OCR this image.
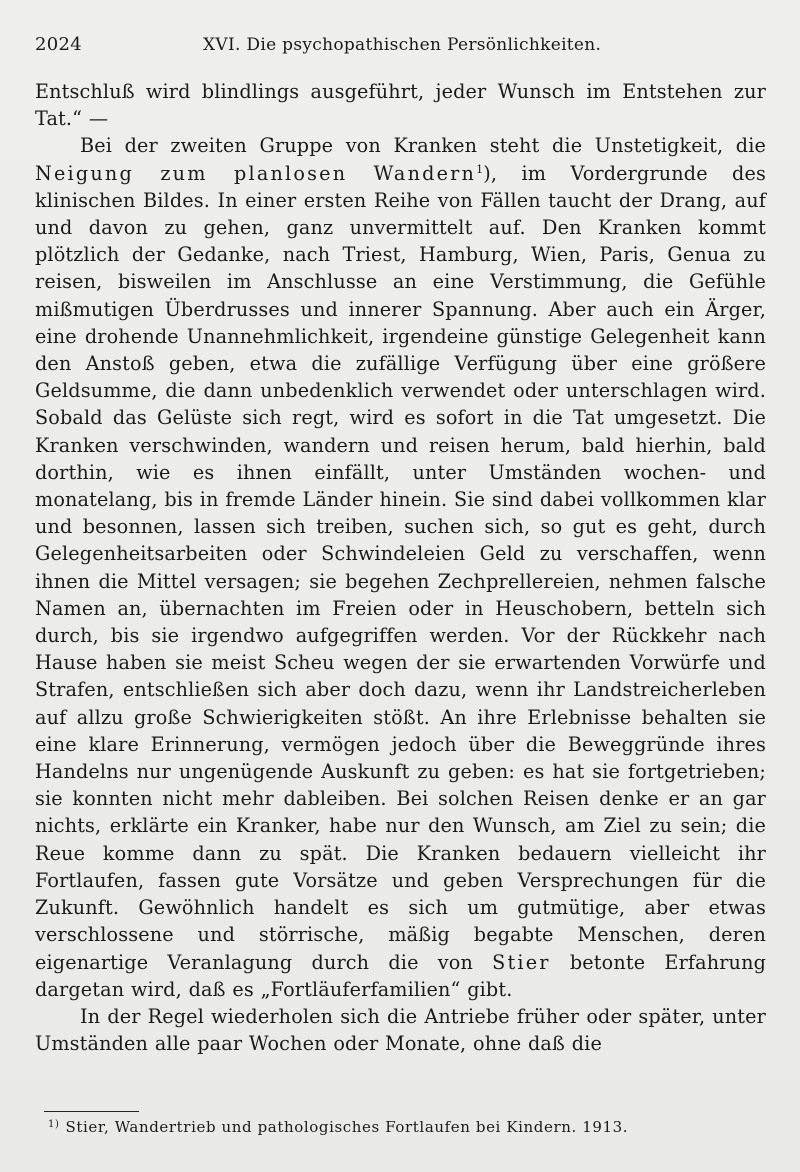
2024	XVI. Die psychopathischen Persönlichkeiten.

Entschluß wird blindlings ausgeführt, jeder Wunsch im Entstehen zur Tat.“ —

Bei der zweiten Gruppe von Kranken steht die Unstetigkeit, die Neigung zum planlosen Wandern$^1$), im Vordergrunde des klinischen Bildes. In einer ersten Reihe von Fällen taucht der Drang, auf und davon zu gehen, ganz unvermittelt auf. Den Kranken kommt plötzlich der Gedanke, nach Triest, Hamburg, Wien, Paris, Genua zu reisen, bisweilen im Anschlusse an eine Verstimmung, die Gefühle mißmutigen Überdrusses und innerer Spannung. Aber auch ein Ärger, eine drohende Unannehmlichkeit, irgendeine günstige Gelegenheit kann den Anstoß geben, etwa die zufällige Verfügung über eine größere Geldsumme, die dann unbedenklich verwendet oder unterschlagen wird. Sobald das Gelüste sich regt, wird es sofort in die Tat umgesetzt. Die Kranken verschwinden, wandern und reisen herum, bald hierhin, bald dorthin, wie es ihnen einfällt, unter Umständen wochen- und monatelang, bis in fremde Länder hinein. Sie sind dabei vollkommen klar und besonnen, lassen sich treiben, suchen sich, so gut es geht, durch Gelegenheitsarbeiten oder Schwindeleien Geld zu verschaffen, wenn ihnen die Mittel versagen; sie begehen Zechprellereien, nehmen falsche Namen an, übernachten im Freien oder in Heuschobern, betteln sich durch, bis sie irgendwo aufgegriffen werden. Vor der Rückkehr nach Hause haben sie meist Scheu wegen der sie erwartenden Vorwürfe und Strafen, entschließen sich aber doch dazu, wenn ihr Landstreicherleben auf allzu große Schwierigkeiten stößt. An ihre Erlebnisse behalten sie eine klare Erinnerung, vermögen jedoch über die Beweggründe ihres Handelns nur ungenügende Auskunft zu geben: es hat sie fortgetrieben; sie konnten nicht mehr dableiben. Bei solchen Reisen denke er an gar nichts, erklärte ein Kranker, habe nur den Wunsch, am Ziel zu sein; die Reue komme dann zu spät. Die Kranken bedauern vielleicht ihr Fortlaufen, fassen gute Vorsätze und geben Versprechungen für die Zukunft. Gewöhnlich handelt es sich um gutmütige, aber etwas verschlossene und störrische, mäßig begabte Menschen, deren eigenartige Veranlagung durch die von Stier betonte Erfahrung dargetan wird, daß es „Fortläuferfamilien“ gibt.

In der Regel wiederholen sich die Antriebe früher oder später, unter Umständen alle paar Wochen oder Monate, ohne daß die

$^{1)}$ Stier, Wandertrieb und pathologisches Fortlaufen bei Kindern. 1913.
